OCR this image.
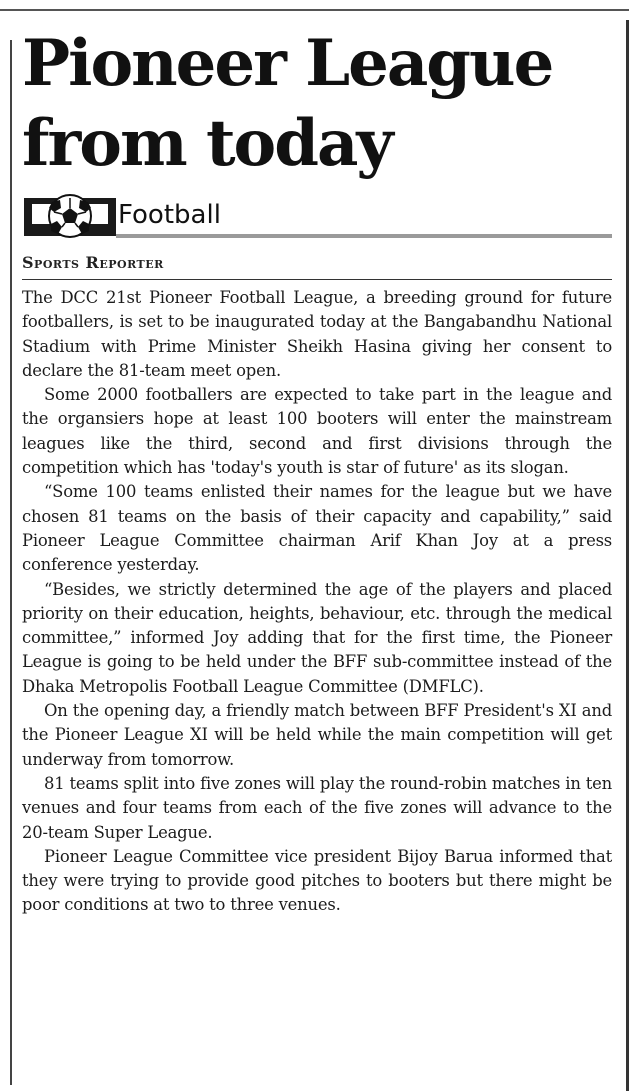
Pioneer League
from today
Football
Sports Reporter

The DCC 21st Pioneer Football League, a breeding ground for future footballers, is set to be inaugurated today at the Bangabandhu National Stadium with Prime Minister Sheikh Hasina giving her consent to declare the 81-team meet open.

Some 2000 footballers are expected to take part in the league and the organsiers hope at least 100 booters will enter the mainstream leagues like the third, second and first divisions through the competition which has 'today's youth is star of future' as its slogan.

“Some 100 teams enlisted their names for the league but we have chosen 81 teams on the basis of their capacity and capability,” said Pioneer League Committee chairman Arif Khan Joy at a press conference yesterday.

“Besides, we strictly determined the age of the players and placed priority on their education, heights, behaviour, etc. through the medical committee,” informed Joy adding that for the first time, the Pioneer League is going to be held under the BFF sub-committee instead of the Dhaka Metropolis Football League Committee (DMFLC).

On the opening day, a friendly match between BFF President's XI and the Pioneer League XI will be held while the main competition will get underway from tomorrow.

81 teams split into five zones will play the round-robin matches in ten venues and four teams from each of the five zones will advance to the 20-team Super League.

Pioneer League Committee vice president Bijoy Barua informed that they were trying to provide good pitches to booters but there might be poor conditions at two to three venues.
